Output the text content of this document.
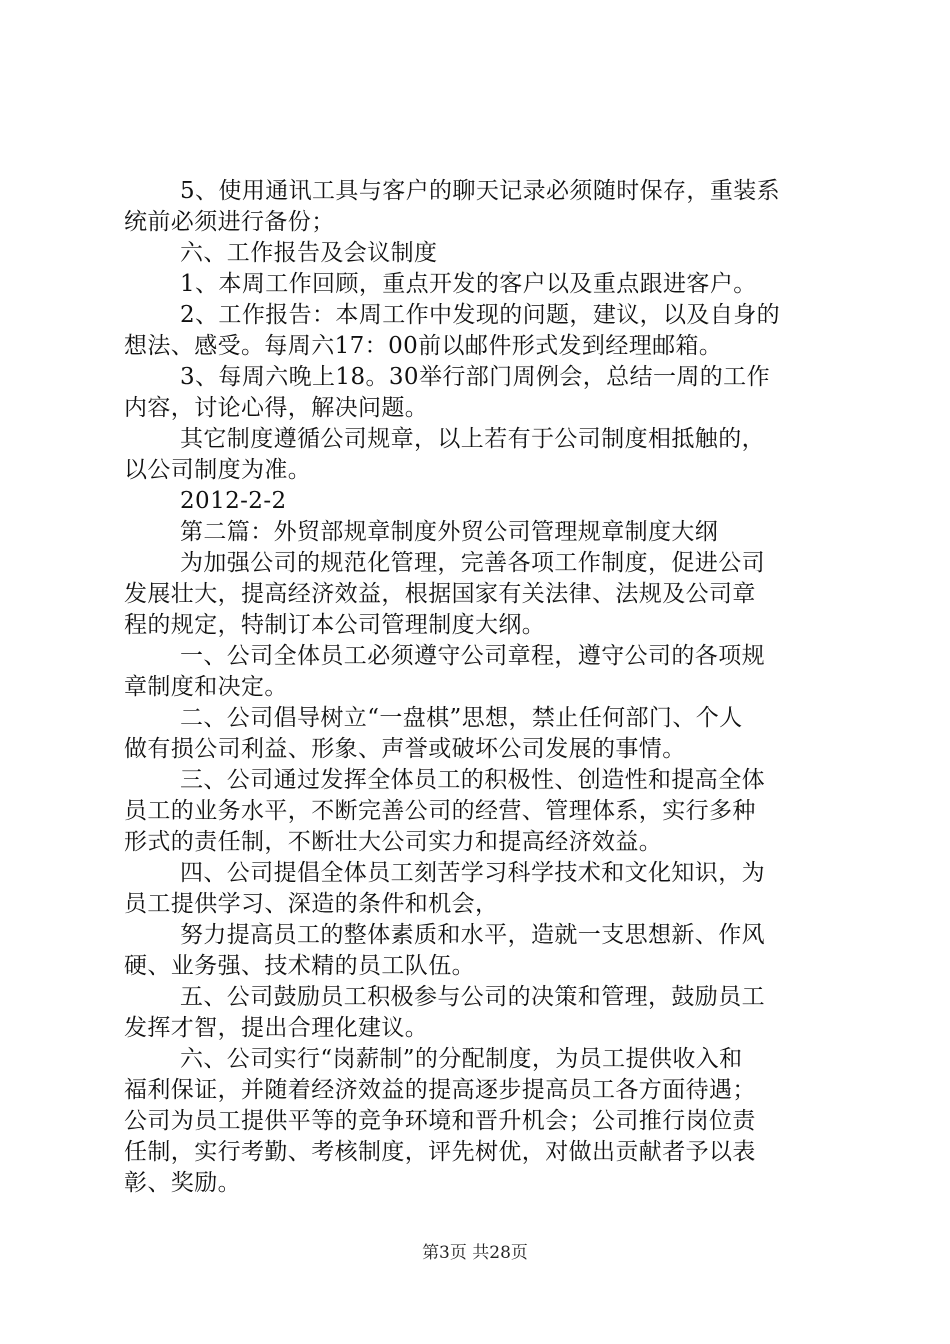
5、使用通讯工具与客户的聊天记录必须随时保存，重装系
统前必须进行备份；
六、工作报告及会议制度
1、本周工作回顾，重点开发的客户以及重点跟进客户。
2、工作报告：本周工作中发现的问题，建议，以及自身的
想法、感受。每周六17：00前以邮件形式发到经理邮箱。
3、每周六晚上18。30举行部门周例会，总结一周的工作
内容，讨论心得，解决问题。
其它制度遵循公司规章，以上若有于公司制度相抵触的，
以公司制度为准。
2012-2-2
第二篇：外贸部规章制度外贸公司管理规章制度大纲
为加强公司的规范化管理，完善各项工作制度，促进公司
发展壮大，提高经济效益，根据国家有关法律、法规及公司章
程的规定，特制订本公司管理制度大纲。
一、公司全体员工必须遵守公司章程，遵守公司的各项规
章制度和决定。
二、公司倡导树立“一盘棋”思想，禁止任何部门、个人
做有损公司利益、形象、声誉或破坏公司发展的事情。
三、公司通过发挥全体员工的积极性、创造性和提高全体
员工的业务水平，不断完善公司的经营、管理体系，实行多种
形式的责任制，不断壮大公司实力和提高经济效益。
四、公司提倡全体员工刻苦学习科学技术和文化知识，为
员工提供学习、深造的条件和机会，
努力提高员工的整体素质和水平，造就一支思想新、作风
硬、业务强、技术精的员工队伍。
五、公司鼓励员工积极参与公司的决策和管理，鼓励员工
发挥才智，提出合理化建议。
六、公司实行“岗薪制”的分配制度，为员工提供收入和
福利保证，并随着经济效益的提高逐步提高员工各方面待遇；
公司为员工提供平等的竞争环境和晋升机会；公司推行岗位责
任制，实行考勤、考核制度，评先树优，对做出贡献者予以表
彰、奖励。
第3页 共28页
